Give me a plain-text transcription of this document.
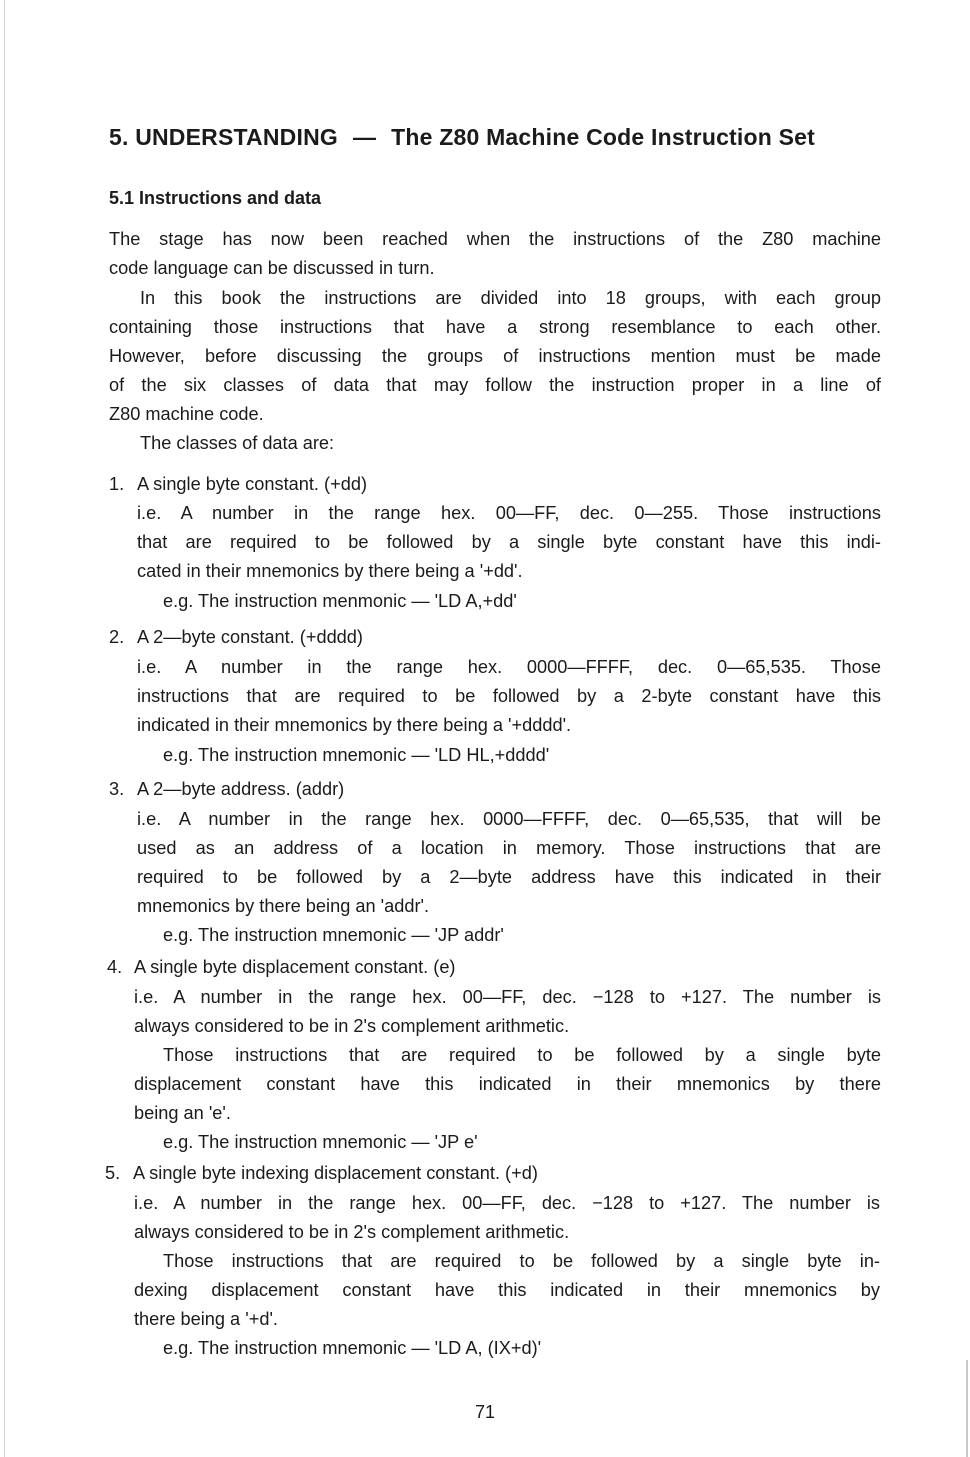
5. UNDERSTANDING — The Z80 Machine Code Instruction Set
5.1 Instructions and data
The stage has now been reached when the instructions of the Z80 machine
code language can be discussed in turn.
In this book the instructions are divided into 18 groups, with each group
containing those instructions that have a strong resemblance to each other.
However, before discussing the groups of instructions mention must be made
of the six classes of data that may follow the instruction proper in a line of
Z80 machine code.
The classes of data are:
1. A single byte constant. (+dd)
i.e. A number in the range hex. 00—FF, dec. 0—255. Those instructions
that are required to be followed by a single byte constant have this indi-
cated in their mnemonics by there being a '+dd'.
e.g. The instruction menmonic — 'LD A,+dd'
2. A 2—byte constant. (+dddd)
i.e. A number in the range hex. 0000—FFFF, dec. 0—65,535. Those
instructions that are required to be followed by a 2-byte constant have this
indicated in their mnemonics by there being a '+dddd'.
e.g. The instruction mnemonic — 'LD HL,+dddd'
3. A 2—byte address. (addr)
i.e. A number in the range hex. 0000—FFFF, dec. 0—65,535, that will be
used as an address of a location in memory. Those instructions that are
required to be followed by a 2—byte address have this indicated in their
mnemonics by there being an 'addr'.
e.g. The instruction mnemonic — 'JP addr'
4. A single byte displacement constant. (e)
i.e. A number in the range hex. 00—FF, dec. −128 to +127. The number is
always considered to be in 2's complement arithmetic.
Those instructions that are required to be followed by a single byte
displacement constant have this indicated in their mnemonics by there
being an 'e'.
e.g. The instruction mnemonic — 'JP e'
5. A single byte indexing displacement constant. (+d)
i.e. A number in the range hex. 00—FF, dec. −128 to +127. The number is
always considered to be in 2's complement arithmetic.
Those instructions that are required to be followed by a single byte in-
dexing displacement constant have this indicated in their mnemonics by
there being a '+d'.
e.g. The instruction mnemonic — 'LD A, (IX+d)'
71
